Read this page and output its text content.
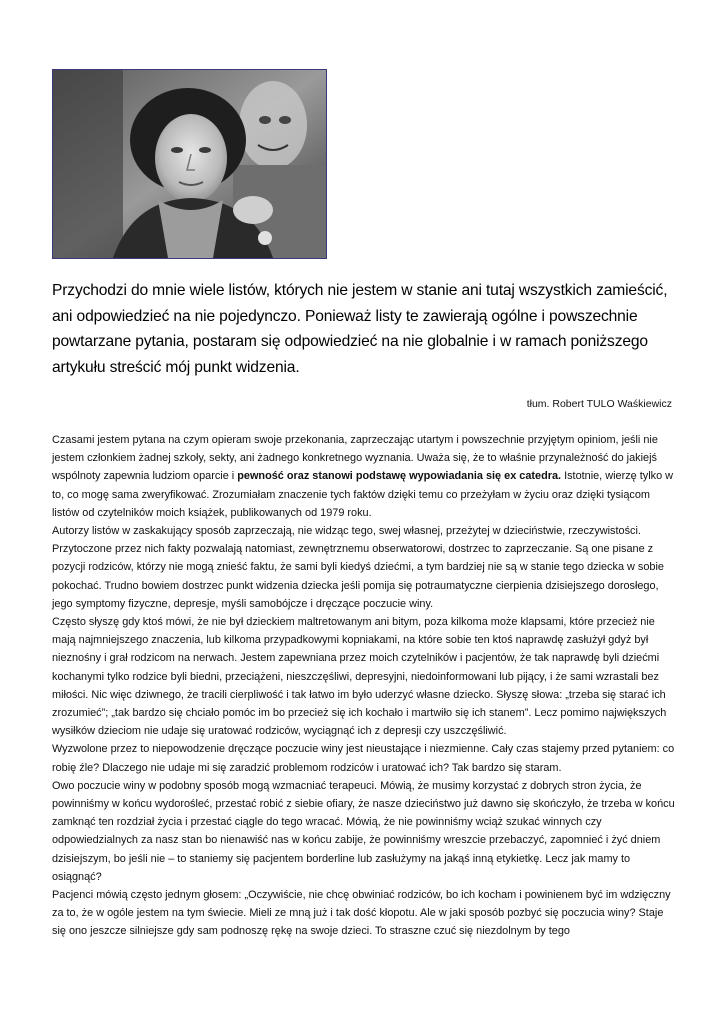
Przychodzi do mnie wiele listów, których nie jestem w stanie ani tutaj wszystkich zamieścić, ani odpowiedzieć na nie pojedynczo. Ponieważ listy te zawierają ogólne i powszechnie powtarzane pytania, postaram się odpowiedzieć na nie globalnie i w ramach poniższego artykułu streścić mój punkt widzenia.
tłum. Robert TULO Waśkiewicz

Czasami jestem pytana na czym opieram swoje przekonania, zaprzeczając utartym i powszechnie przyjętym opiniom, jeśli nie jestem członkiem żadnej szkoły, sekty, ani żadnego konkretnego wyznania. Uważa się, że to właśnie przynależność do jakiejś wspólnoty zapewnia ludziom oparcie i pewność oraz stanowi podstawę wypowiadania się ex catedra. Istotnie, wierzę tylko w to, co mogę sama zweryfikować. Zrozumiałam znaczenie tych faktów dzięki temu co przeżyłam w życiu oraz dzięki tysiącom listów od czytelników moich książek, publikowanych od 1979 roku.

Autorzy listów w zaskakujący sposób zaprzeczają, nie widząc tego, swej własnej, przeżytej w dzieciństwie, rzeczywistości. Przytoczone przez nich fakty pozwalają natomiast, zewnętrznemu obserwatorowi, dostrzec to zaprzeczanie. Są one pisane z pozycji rodziców, którzy nie mogą znieść faktu, że sami byli kiedyś dziećmi, a tym bardziej nie są w stanie tego dziecka w sobie pokochać. Trudno bowiem dostrzec punkt widzenia dziecka jeśli pomija się potraumatyczne cierpienia dzisiejszego dorosłego, jego symptomy fizyczne, depresje, myśli samobójcze i dręczące poczucie winy.

Często słyszę gdy ktoś mówi, że nie był dzieckiem maltretowanym ani bitym, poza kilkoma może klapsami, które przecież nie mają najmniejszego znaczenia, lub kilkoma przypadkowymi kopniakami, na które sobie ten ktoś naprawdę zasłużył gdyż był nieznośny i grał rodzicom na nerwach. Jestem zapewniana przez moich czytelników i pacjentów, że tak naprawdę byli dziećmi kochanymi tylko rodzice byli biedni, przeciążeni, nieszczęśliwi, depresyjni, niedoinformowani lub pijący, i że sami wzrastali bez miłości. Nic więc dziwnego, że tracili cierpliwość i tak łatwo im było uderzyć własne dziecko. Słyszę słowa: „trzeba się starać ich zrozumieć”; „tak bardzo się chciało pomóc im bo przecież się ich kochało i martwiło się ich stanem”. Lecz pomimo największych wysiłków dzieciom nie udaje się uratować rodziców, wyciągnąć ich z depresji czy uszczęśliwić.

Wyzwolone przez to niepowodzenie dręczące poczucie winy jest nieustające i niezmienne. Cały czas stajemy przed pytaniem: co robię źle? Dlaczego nie udaje mi się zaradzić problemom rodziców i uratować ich? Tak bardzo się staram.

Owo poczucie winy w podobny sposób mogą wzmacniać terapeuci. Mówią, że musimy korzystać z dobrych stron życia, że powinniśmy w końcu wydorośleć, przestać robić z siebie ofiary, że nasze dzieciństwo już dawno się skończyło, że trzeba w końcu zamknąć ten rozdział życia i przestać ciągle do tego wracać. Mówią, że nie powinniśmy wciąż szukać winnych czy odpowiedzialnych za nasz stan bo nienawiść nas w końcu zabije, że powinniśmy wreszcie przebaczyć, zapomnieć i żyć dniem dzisiejszym, bo jeśli nie – to staniemy się pacjentem borderline lub zasłużymy na jakąś inną etykietkę. Lecz jak mamy to osiągnąć?

Pacjenci mówią często jednym głosem: „Oczywiście, nie chcę obwiniać rodziców, bo ich kocham i powinienem być im wdzięczny za to, że w ogóle jestem na tym świecie. Mieli ze mną już i tak dość kłopotu. Ale w jaki sposób pozbyć się poczucia winy? Staje się ono jeszcze silniejsze gdy sam podnoszę rękę na swoje dzieci. To straszne czuć się niezdolnym by tego
